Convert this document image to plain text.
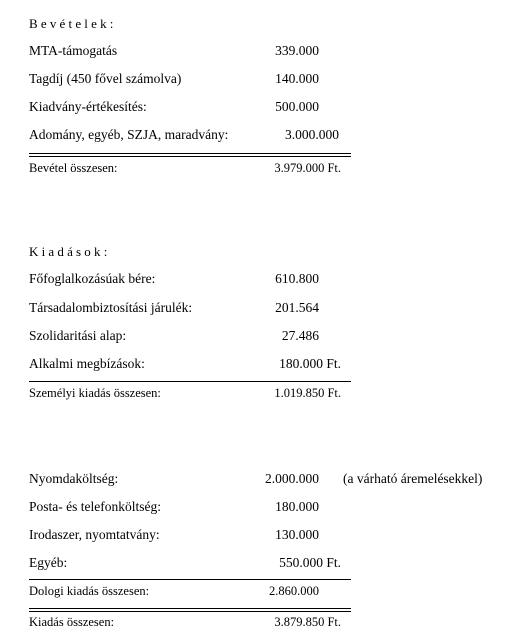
Bevételek:
MTA-támogatás	339.000
Tagdíj (450 fővel számolva)	140.000
Kiadvány-értékesítés:	500.000
Adomány, egyéb, SZJA, maradvány:	3.000.000
Bevétel összesen:	3.979.000 Ft.
Kiadások:
Főfoglalkozásúak bére:	610.800
Társadalombiztosítási járulék:	201.564
Szolidaritási alap:	27.486
Alkalmi megbízások:	180.000 Ft.
Személyi kiadás összesen:	1.019.850 Ft.
Nyomdaköltség:	2.000.000 (a várható áremelésekkel)
Posta- és telefonköltség:	180.000
Irodaszer, nyomtatvány:	130.000
Egyéb:	550.000 Ft.
Dologi kiadás összesen:	2.860.000
Kiadás összesen:	3.879.850 Ft.
